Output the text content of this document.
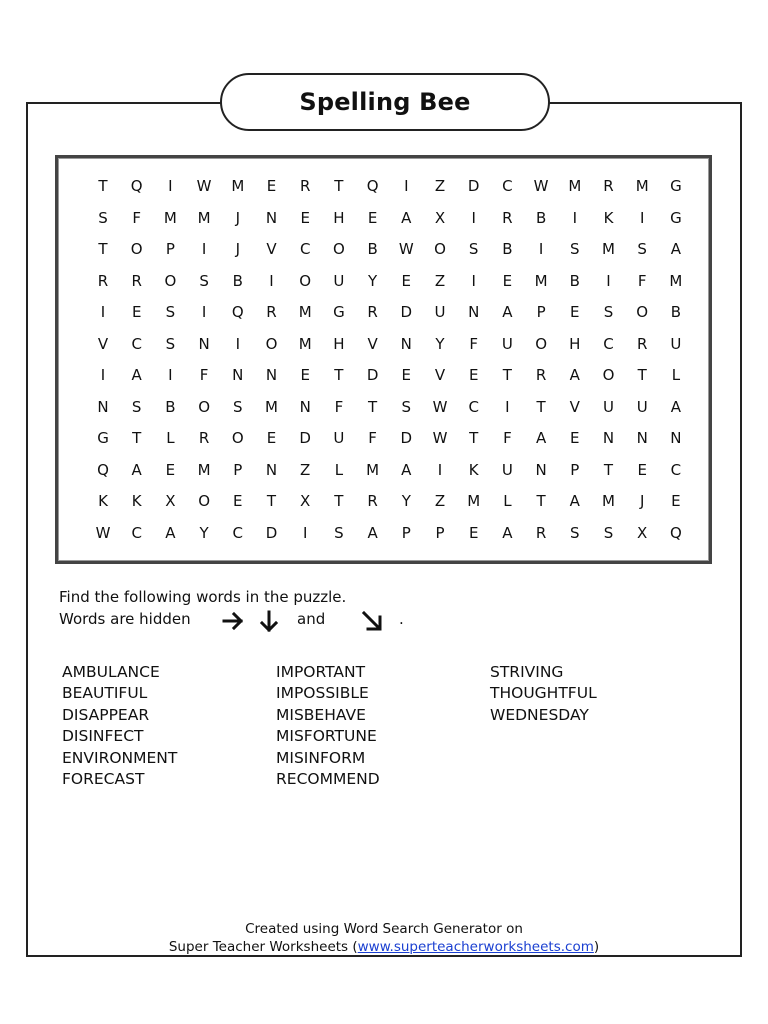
Spelling Bee
T	Q	I	W	M	E	R	T	Q	I	Z	D	C	W	M	R	M	G
S	F	M	M	J	N	E	H	E	A	X	I	R	B	I	K	I	G
T	O	P	I	J	V	C	O	B	W	O	S	B	I	S	M	S	A
R	R	O	S	B	I	O	U	Y	E	Z	I	E	M	B	I	F	M
I	E	S	I	Q	R	M	G	R	D	U	N	A	P	E	S	O	B
V	C	S	N	I	O	M	H	V	N	Y	F	U	O	H	C	R	U
I	A	I	F	N	N	E	T	D	E	V	E	T	R	A	O	T	L
N	S	B	O	S	M	N	F	T	S	W	C	I	T	V	U	U	A
G	T	L	R	O	E	D	U	F	D	W	T	F	A	E	N	N	N
Q	A	E	M	P	N	Z	L	M	A	I	K	U	N	P	T	E	C
K	K	X	O	E	T	X	T	R	Y	Z	M	L	T	A	M	J	E
W	C	A	Y	C	D	I	S	A	P	P	E	A	R	S	S	X	Q
Find the following words in the puzzle.
Words are hidden	and	.
AMBULANCE
BEAUTIFUL
DISAPPEAR
DISINFECT
ENVIRONMENT
FORECAST
IMPORTANT
IMPOSSIBLE
MISBEHAVE
MISFORTUNE
MISINFORM
RECOMMEND
STRIVING
THOUGHTFUL
WEDNESDAY
Created using Word Search Generator on
Super Teacher Worksheets (www.superteacherworksheets.com)
